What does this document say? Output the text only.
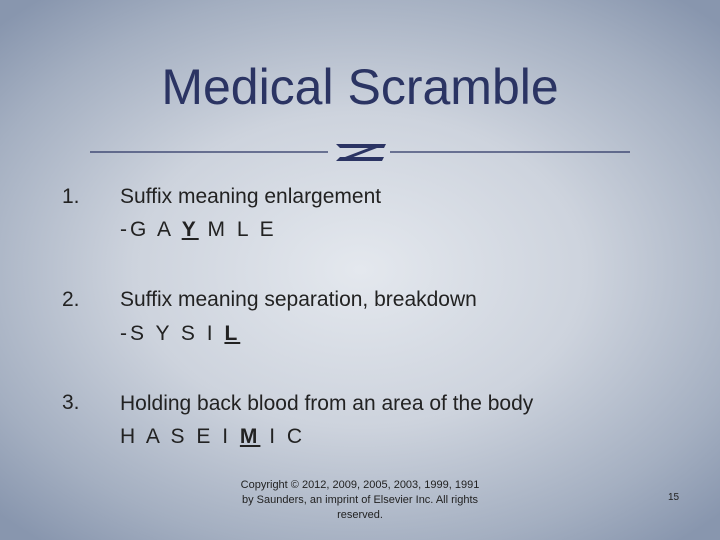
Medical Scramble
1. Suffix meaning enlargement
-G A Y M L E
2. Suffix meaning separation, breakdown
-S Y S I L
3. Holding back blood from an area of the body
H A S E I M I C
Copyright © 2012, 2009, 2005, 2003, 1999, 1991 by Saunders, an imprint of Elsevier Inc. All rights reserved.
15
